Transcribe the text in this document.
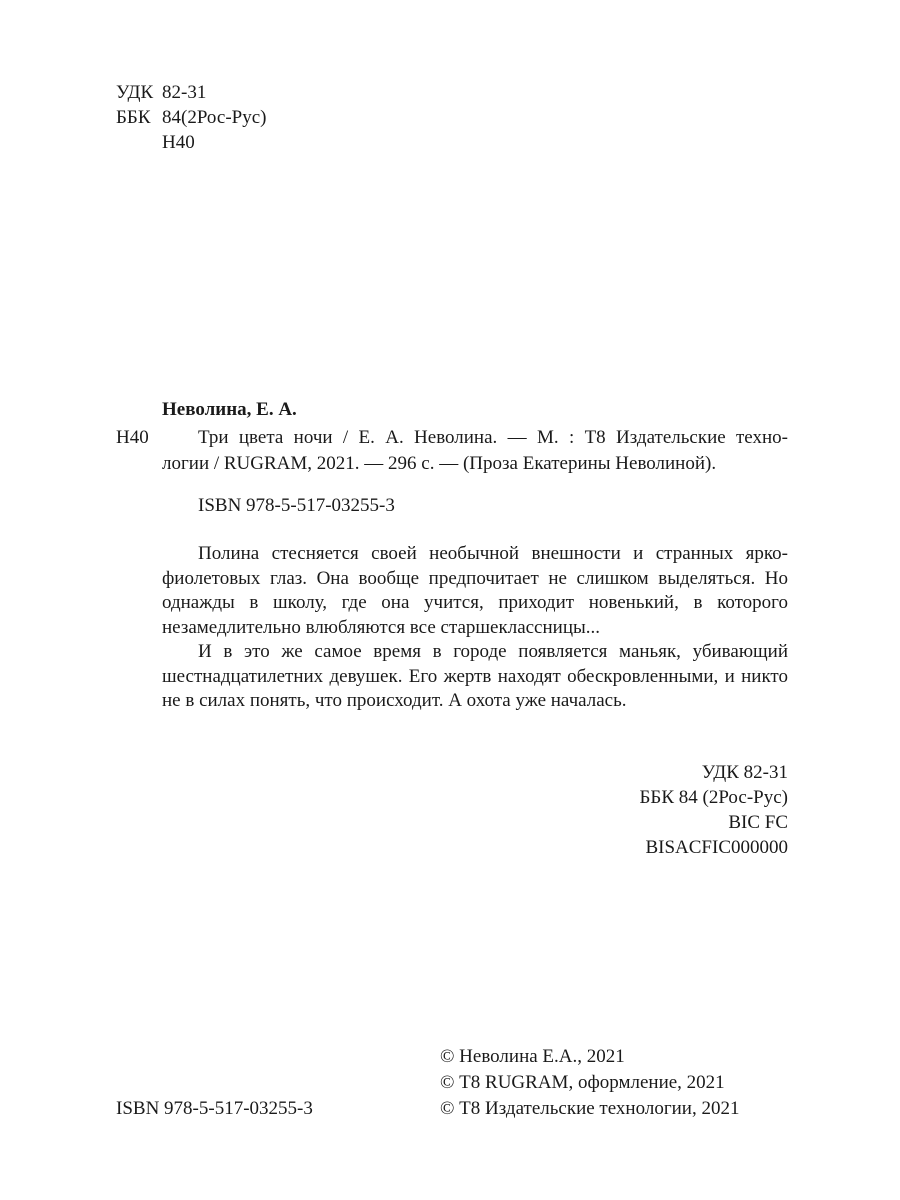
УДК 82-31
ББК 84(2Рос-Рус)
Н40
Неволина, Е. А.
Н40	Три цвета ночи / Е. А. Неволина. — М. : Т8 Издательские техно-
логии / RUGRAM, 2021. — 296 с. — (Проза Екатерины Неволиной).
ISBN 978-5-517-03255-3

Полина стесняется своей необычной внешности и странных ярко-фиолетовых глаз. Она вообще предпочитает не слишком выделяться. Но однажды в школу, где она учится, приходит новенький, в которого незамедлительно влюбляются все старшеклассницы...

И в это же самое время в городе появляется маньяк, убивающий шестнадцатилетних девушек. Его жертв находят обескровленными, и никто не в силах понять, что происходит. А охота уже началась.

УДК 82-31
ББК 84 (2Рос-Рус)
BIC FC
BISACFIC000000
© Неволина Е.А., 2021
© Т8 RUGRAM, оформление, 2021
© Т8 Издательские технологии, 2021
ISBN 978-5-517-03255-3
